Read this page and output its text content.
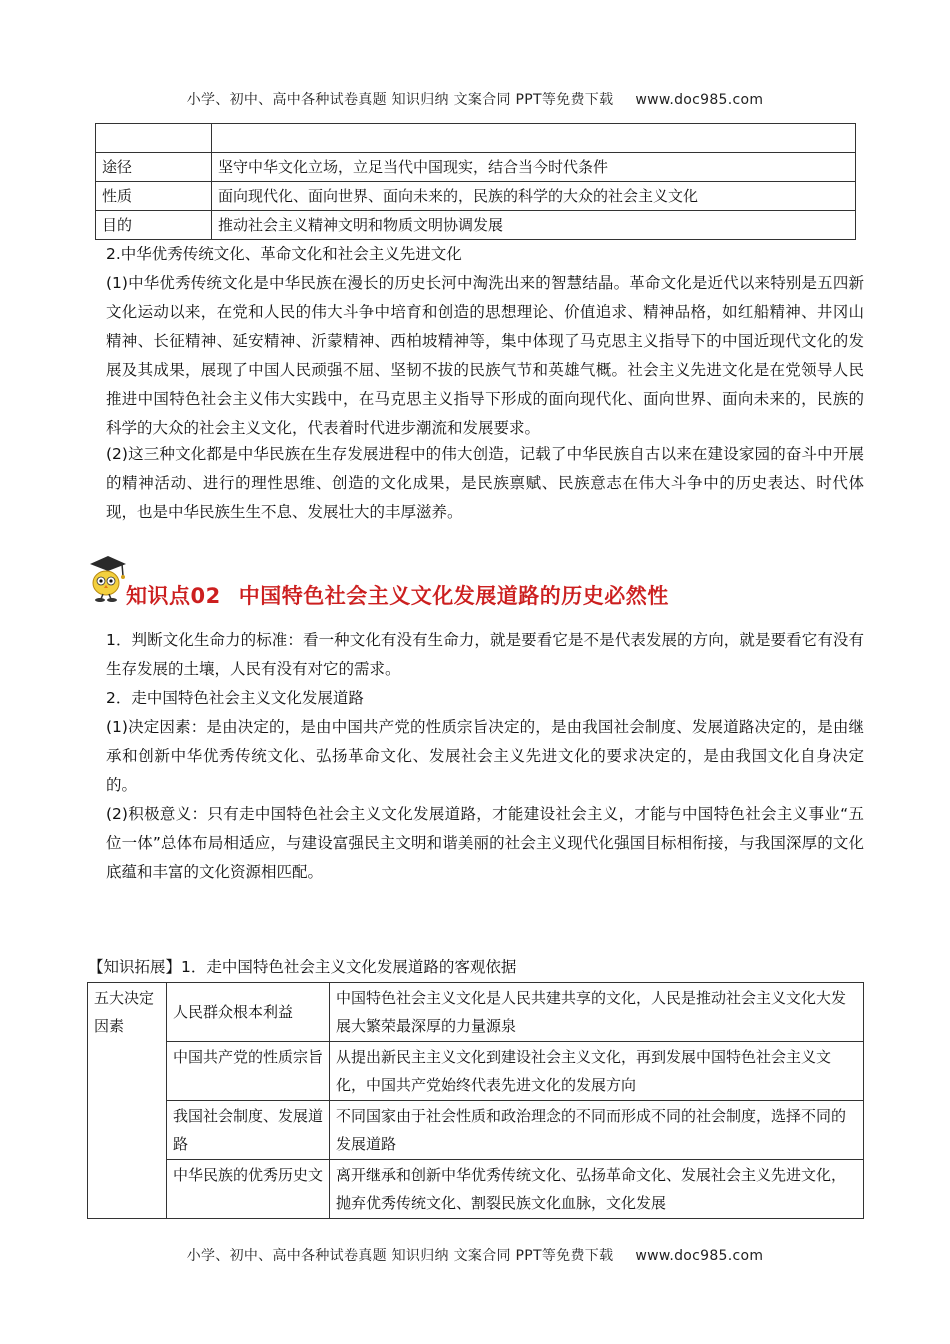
小学、初中、高中各种试卷真题 知识归纳 文案合同 PPT等免费下载 www.doc985.com

途径	坚守中华文化立场，立足当代中国现实，结合当今时代条件
性质	面向现代化、面向世界、面向未来的，民族的科学的大众的社会主义文化
目的	推动社会主义精神文明和物质文明协调发展
2.中华优秀传统文化、革命文化和社会主义先进文化
(1)中华优秀传统文化是中华民族在漫长的历史长河中淘洗出来的智慧结晶。革命文化是近代以来特别是五四新文化运动以来，在党和人民的伟大斗争中培育和创造的思想理论、价值追求、精神品格，如红船精神、井冈山精神、长征精神、延安精神、沂蒙精神、西柏坡精神等，集中体现了马克思主义指导下的中国近现代文化的发展及其成果，展现了中国人民顽强不屈、坚韧不拔的民族气节和英雄气概。社会主义先进文化是在党领导人民推进中国特色社会主义伟大实践中，在马克思主义指导下形成的面向现代化、面向世界、面向未来的，民族的科学的大众的社会主义文化，代表着时代进步潮流和发展要求。
(2)这三种文化都是中华民族在生存发展进程中的伟大创造，记载了中华民族自古以来在建设家园的奋斗中开展的精神活动、进行的理性思维、创造的文化成果，是民族禀赋、民族意志在伟大斗争中的历史表达、时代体现，也是中华民族生生不息、发展壮大的丰厚滋养。
知识点02 中国特色社会主义文化发展道路的历史必然性
1．判断文化生命力的标准：看一种文化有没有生命力，就是要看它是不是代表发展的方向，就是要看它有没有生存发展的土壤，人民有没有对它的需求。
2．走中国特色社会主义文化发展道路
(1)决定因素：是由决定的，是由中国共产党的性质宗旨决定的，是由我国社会制度、发展道路决定的，是由继承和创新中华优秀传统文化、弘扬革命文化、发展社会主义先进文化的要求决定的，是由我国文化自身决定的。
(2)积极意义：只有走中国特色社会主义文化发展道路，才能建设社会主义，才能与中国特色社会主义事业“五位一体”总体布局相适应，与建设富强民主文明和谐美丽的社会主义现代化强国目标相衔接，与我国深厚的文化底蕴和丰富的文化资源相匹配。
【知识拓展】1．走中国特色社会主义文化发展道路的客观依据
五大决定因素	人民群众根本利益	中国特色社会主义文化是人民共建共享的文化，人民是推动社会主义文化大发展大繁荣最深厚的力量源泉
	中国共产党的性质宗旨	从提出新民主主义文化到建设社会主义文化，再到发展中国特色社会主义文化，中国共产党始终代表先进文化的发展方向
	我国社会制度、发展道路	不同国家由于社会性质和政治理念的不同而形成不同的社会制度，选择不同的发展道路
	中华民族的优秀历史文	离开继承和创新中华优秀传统文化、弘扬革命文化、发展社会主义先进文化，抛弃优秀传统文化、割裂民族文化血脉，文化发展
小学、初中、高中各种试卷真题 知识归纳 文案合同 PPT等免费下载 www.doc985.com
